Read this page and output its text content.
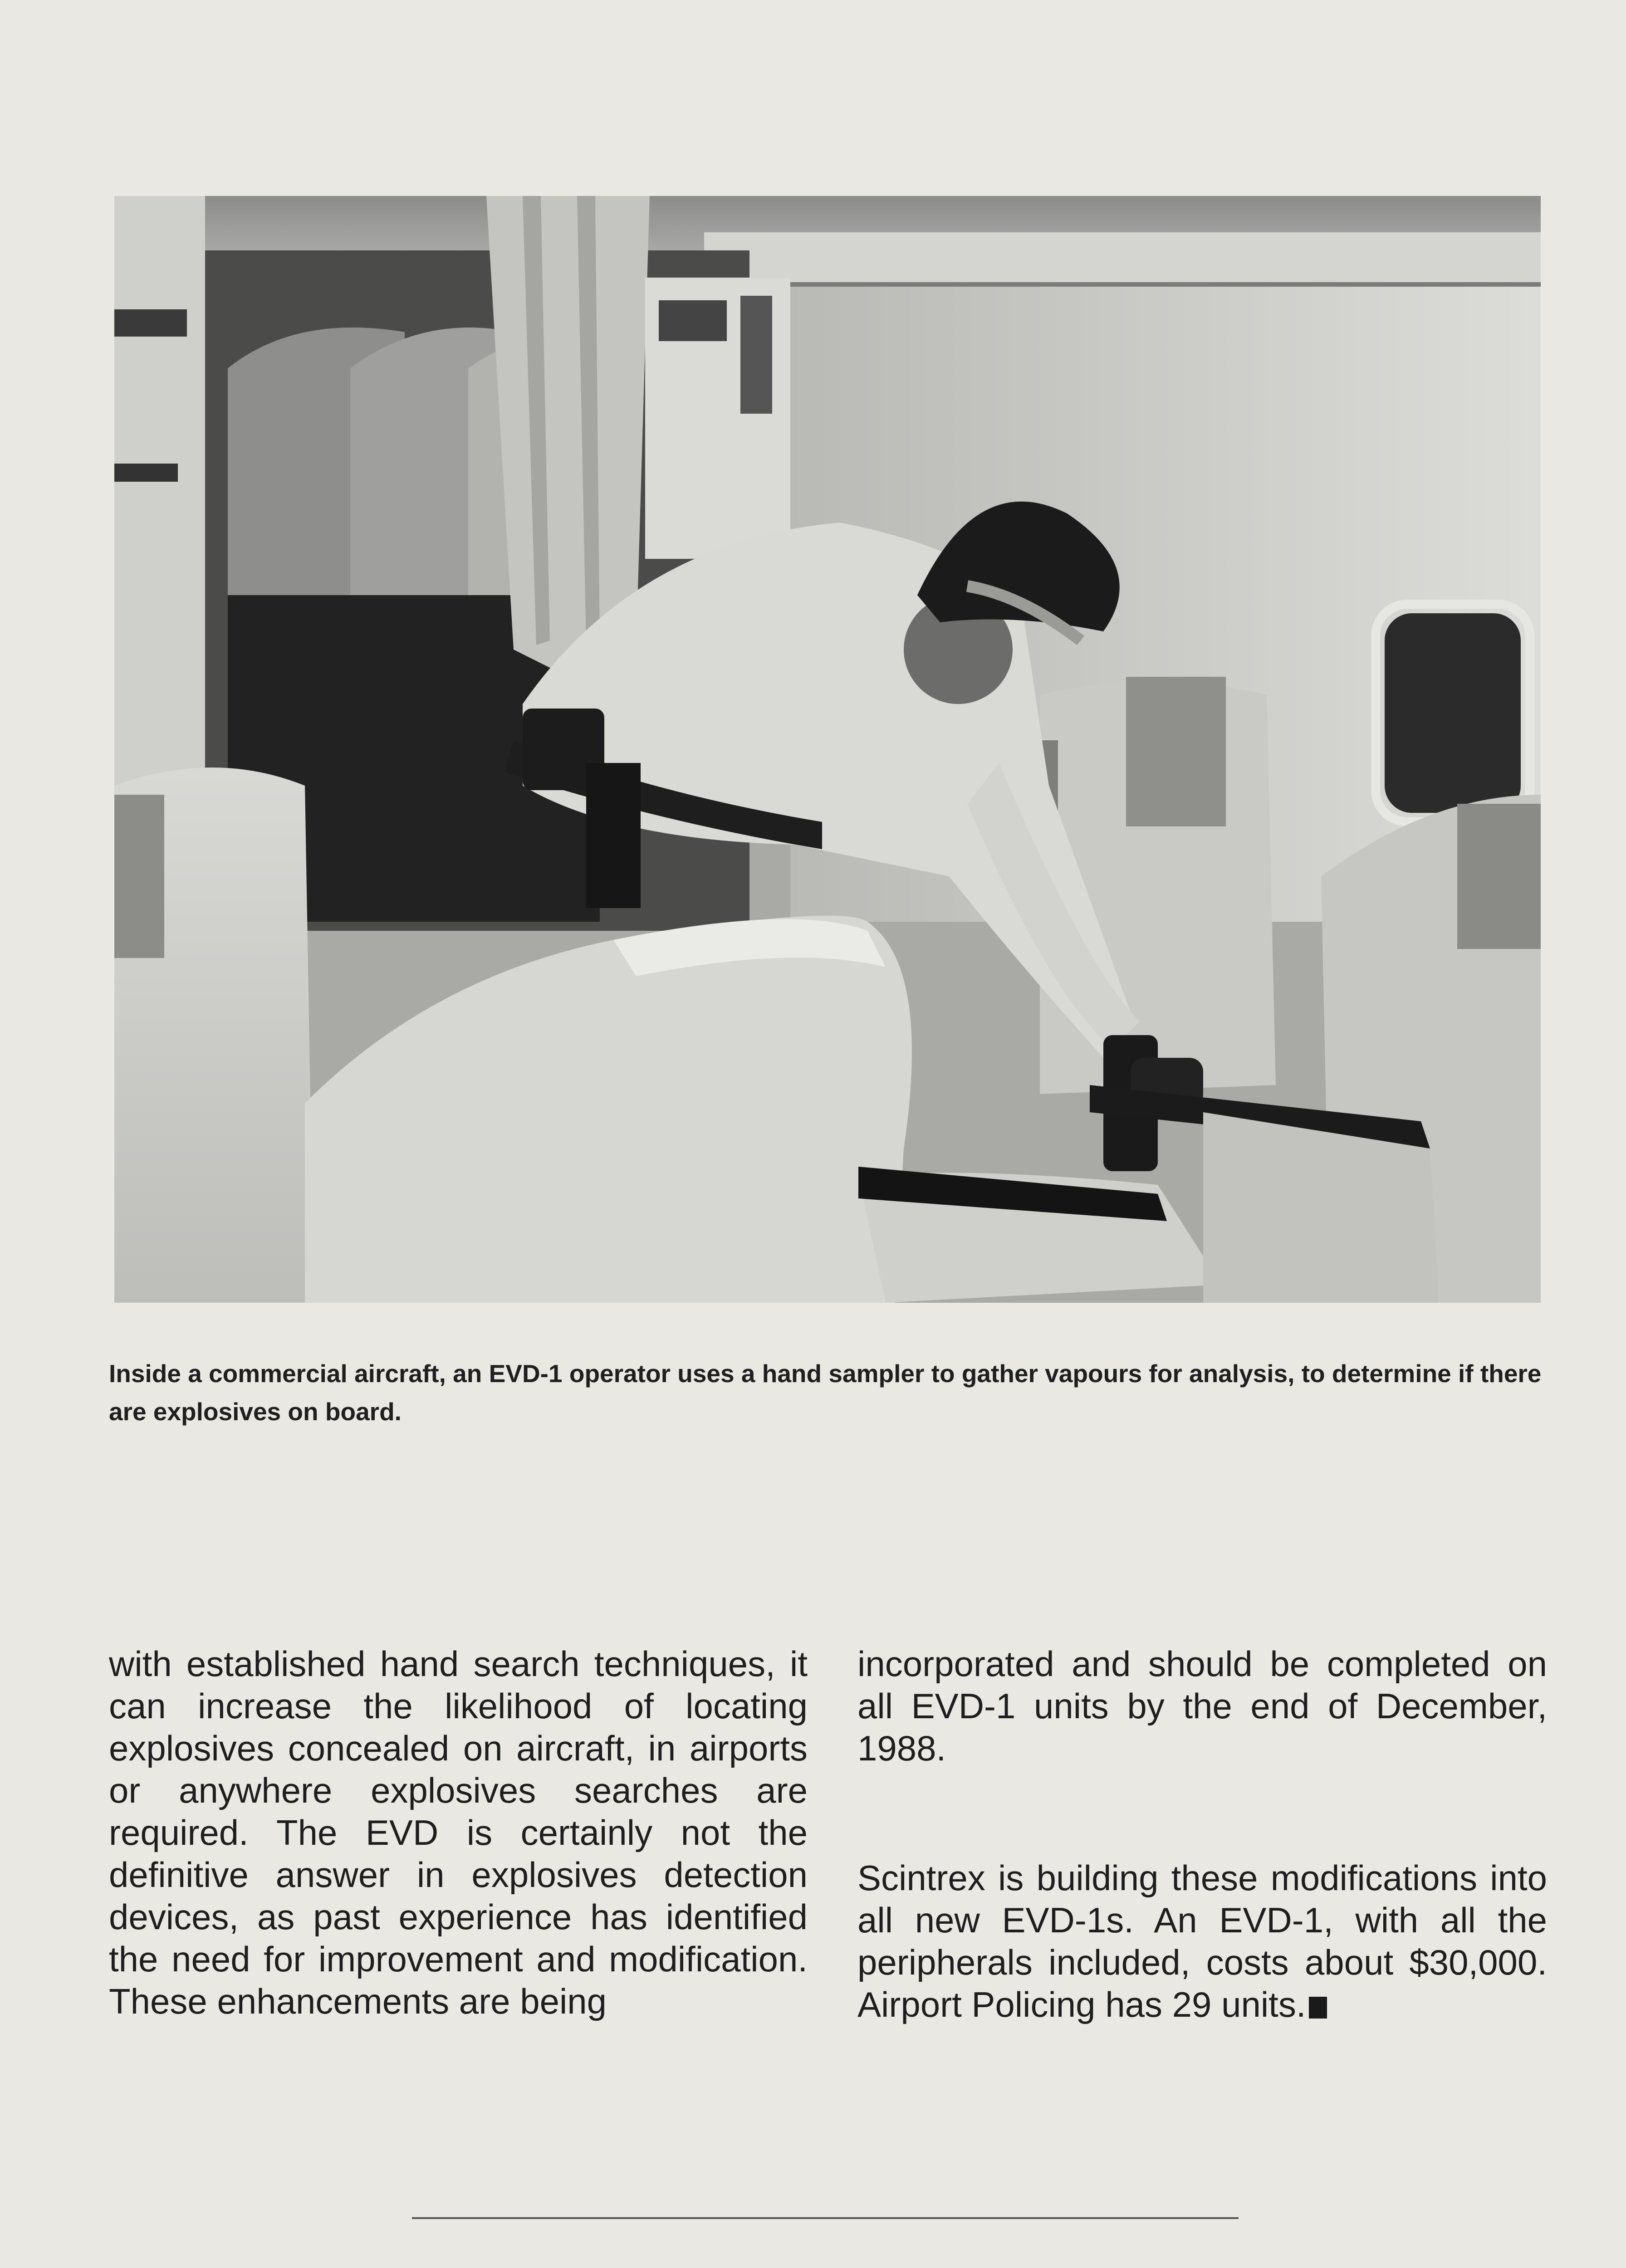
Inside a commercial aircraft, an EVD-1 operator uses a hand sampler to gather vapours for analysis, to determine if there are explosives on board.

with established hand search techniques, it can increase the likelihood of locating explosives concealed on aircraft, in airports or anywhere explosives searches are required. The EVD is certainly not the definitive answer in explosives detection devices, as past experience has identified the need for improvement and modification. These enhancements are being

incorporated and should be completed on all EVD-1 units by the end of December, 1988.

Scintrex is building these modifications into all new EVD-1s. An EVD-1, with all the peripherals included, costs about $30,000. Airport Policing has 29 units.
